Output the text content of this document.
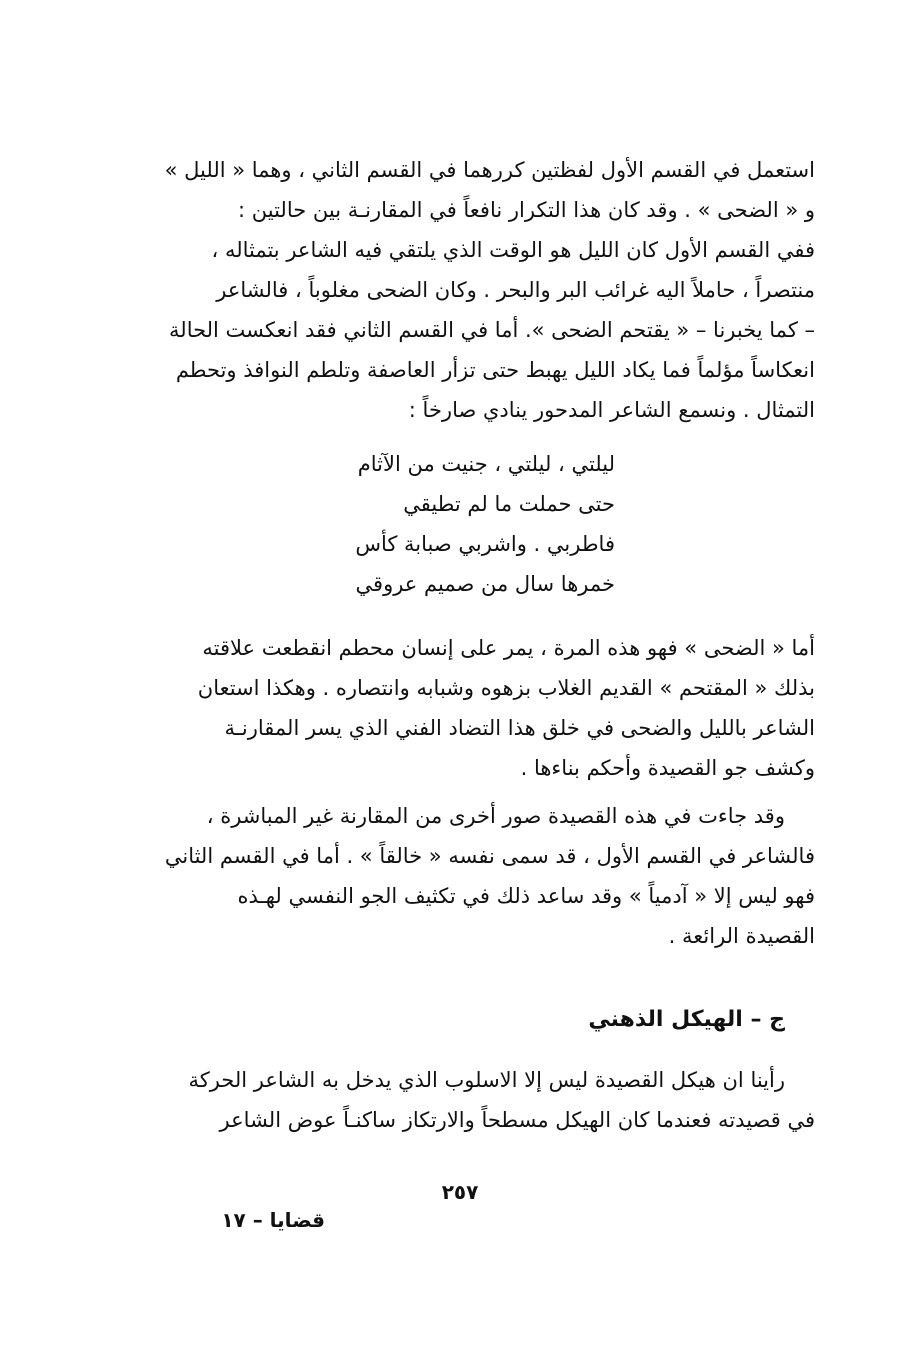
استعمل في القسم الأول لفظتين كررهما في القسم الثاني ، وهما « الليل »
و « الضحى » . وقد كان هذا التكرار نافعاً في المقارنـة بين حالتين :
ففي القسم الأول كان الليل هو الوقت الذي يلتقي فيه الشاعر بتمثاله ،
منتصراً ، حاملاً اليه غرائب البر والبحر . وكان الضحى مغلوباً ، فالشاعر
– كما يخبرنا – « يقتحم الضحى ». أما في القسم الثاني فقد انعكست الحالة
انعكاساً مؤلماً فما يكاد الليل يهبط حتى تزأر العاصفة وتلطم النوافذ وتحطم
التمثال . ونسمع الشاعر المدحور ينادي صارخاً :

ليلتي ، ليلتي ، جنيت من الآثام
حتى حملت ما لم تطيقي
فاطربي . واشربي صبابة كأس
خمرها سال من صميم عروقي

أما « الضحى » فهو هذه المرة ، يمر على إنسان محطم انقطعت علاقته
بذلك « المقتحم » القديم الغلاب بزهوه وشبابه وانتصاره . وهكذا استعان
الشاعر بالليل والضحى في خلق هذا التضاد الفني الذي يسر المقارنـة
وكشف جو القصيدة وأحكم بناءها .

وقد جاءت في هذه القصيدة صور أخرى من المقارنة غير المباشرة ،
فالشاعر في القسم الأول ، قد سمى نفسه « خالقاً » . أما في القسم الثاني
فهو ليس إلا « آدمياً » وقد ساعد ذلك في تكثيف الجو النفسي لهـذه
القصيدة الرائعة .

ج – الهيكل الذهني

رأينا ان هيكل القصيدة ليس إلا الاسلوب الذي يدخل به الشاعر الحركة
في قصيدته فعندما كان الهيكل مسطحاً والارتكاز ساكنـاً عوض الشاعر

٢٥٧
قضايا – ١٧
